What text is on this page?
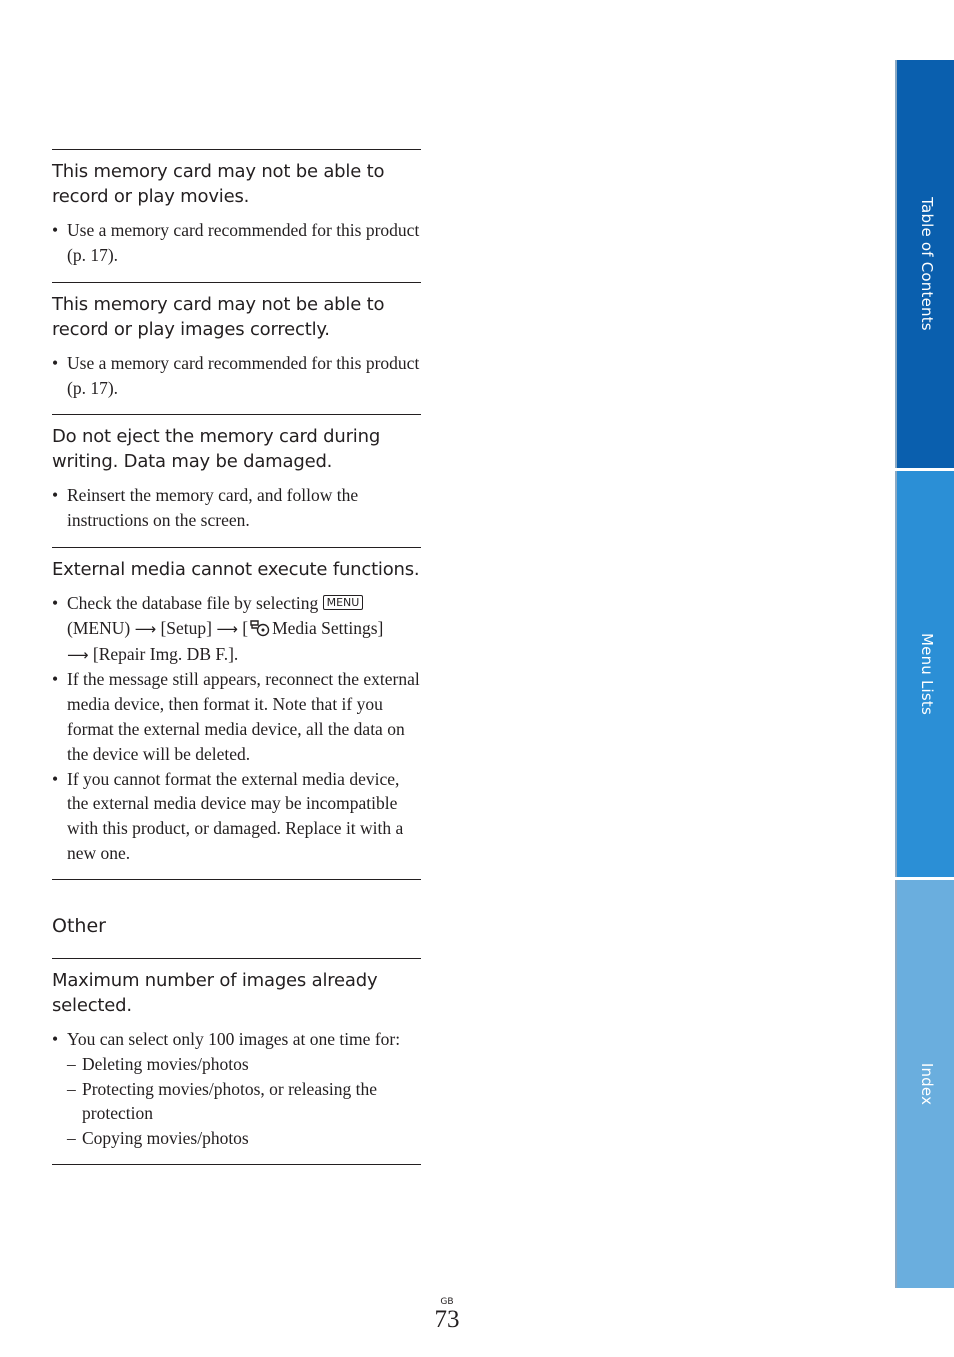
This memory card may not be able to record or play movies.
• Use a memory card recommended for this product (p. 17).
This memory card may not be able to record or play images correctly.
• Use a memory card recommended for this product (p. 17).
Do not eject the memory card during writing. Data may be damaged.
• Reinsert the memory card, and follow the instructions on the screen.
External media cannot execute functions.
• Check the database file by selecting MENU
(MENU) ⟶ [Setup] ⟶ [ Media Settings]
⟶ [Repair Img. DB F.].
• If the message still appears, reconnect the external media device, then format it. Note that if you format the external media device, all the data on the device will be deleted.
• If you cannot format the external media device, the external media device may be incompatible with this product, or damaged. Replace it with a new one.
Other
Maximum number of images already selected.
• You can select only 100 images at one time for:
– Deleting movies/photos
– Protecting movies/photos, or releasing the protection
– Copying movies/photos
Table of Contents
Menu Lists
Index
GB
73
